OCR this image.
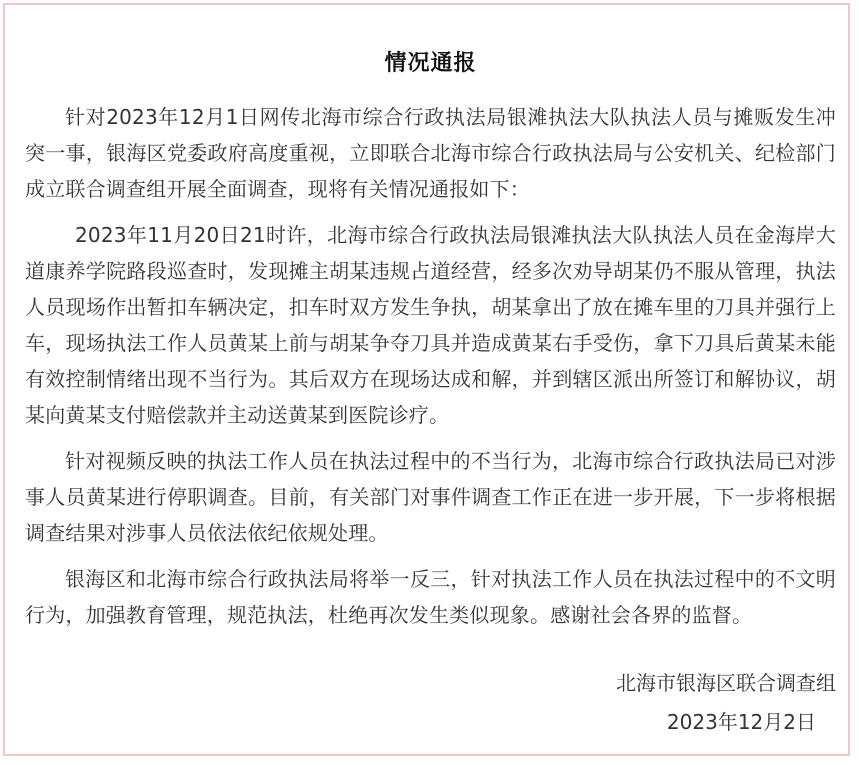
情况通报

针对2023年12月1日网传北海市综合行政执法局银滩执法大队执法人员与摊贩发生冲突一事，银海区党委政府高度重视，立即联合北海市综合行政执法局与公安机关、纪检部门成立联合调查组开展全面调查，现将有关情况通报如下：

2023年11月20日21时许，北海市综合行政执法局银滩执法大队执法人员在金海岸大道康养学院路段巡查时，发现摊主胡某违规占道经营，经多次劝导胡某仍不服从管理，执法人员现场作出暂扣车辆决定，扣车时双方发生争执，胡某拿出了放在摊车里的刀具并强行上车，现场执法工作人员黄某上前与胡某争夺刀具并造成黄某右手受伤，拿下刀具后黄某未能有效控制情绪出现不当行为。其后双方在现场达成和解，并到辖区派出所签订和解协议，胡某向黄某支付赔偿款并主动送黄某到医院诊疗。

针对视频反映的执法工作人员在执法过程中的不当行为，北海市综合行政执法局已对涉事人员黄某进行停职调查。目前，有关部门对事件调查工作正在进一步开展，下一步将根据调查结果对涉事人员依法依纪依规处理。

银海区和北海市综合行政执法局将举一反三，针对执法工作人员在执法过程中的不文明行为，加强教育管理，规范执法，杜绝再次发生类似现象。感谢社会各界的监督。

北海市银海区联合调查组
2023年12月2日
